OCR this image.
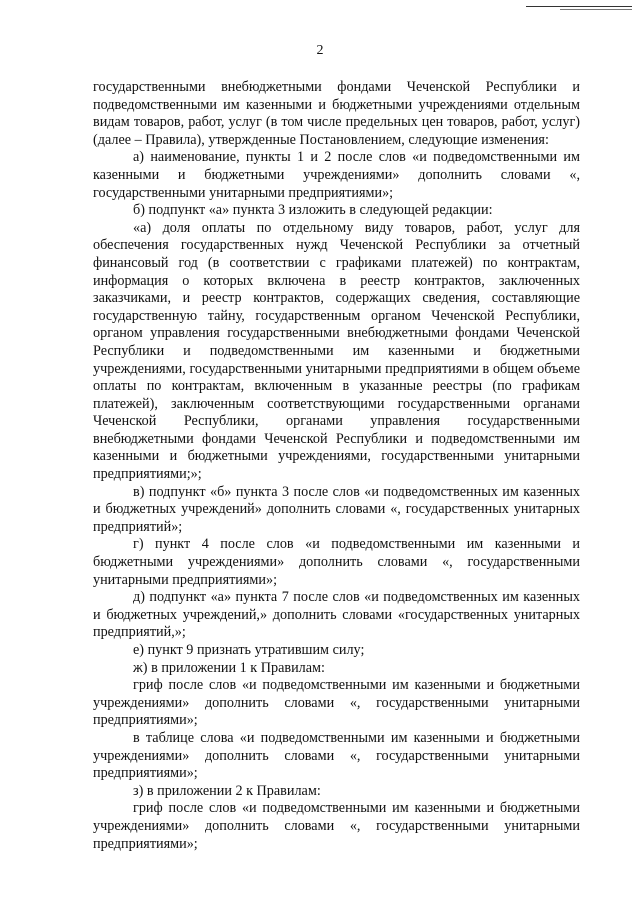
2

государственными внебюджетными фондами Чеченской Республики и подведомственными им казенными и бюджетными учреждениями отдельным видам товаров, работ, услуг (в том числе предельных цен товаров, работ, услуг) (далее – Правила), утвержденные Постановлением, следующие изменения:

а) наименование, пункты 1 и 2 после слов «и подведомственными им казенными и бюджетными учреждениями» дополнить словами «, государственными унитарными предприятиями»;

б) подпункт «а» пункта 3 изложить в следующей редакции:

«а) доля оплаты по отдельному виду товаров, работ, услуг для обеспечения государственных нужд Чеченской Республики за отчетный финансовый год (в соответствии с графиками платежей) по контрактам, информация о которых включена в реестр контрактов, заключенных заказчиками, и реестр контрактов, содержащих сведения, составляющие государственную тайну, государственным органом Чеченской Республики, органом управления государственными внебюджетными фондами Чеченской Республики и подведомственными им казенными и бюджетными учреждениями, государственными унитарными предприятиями в общем объеме оплаты по контрактам, включенным в указанные реестры (по графикам платежей), заключенным соответствующими государственными органами Чеченской Республики, органами управления государственными внебюджетными фондами Чеченской Республики и подведомственными им казенными и бюджетными учреждениями, государственными унитарными предприятиями;»;

в) подпункт «б» пункта 3 после слов «и подведомственных им казенных и бюджетных учреждений» дополнить словами «, государственных унитарных предприятий»;

г) пункт 4 после слов «и подведомственными им казенными и бюджетными учреждениями» дополнить словами «, государственными унитарными предприятиями»;

д) подпункт «а» пункта 7 после слов «и подведомственных им казенных и бюджетных учреждений,» дополнить словами «государственных унитарных предприятий,»;

е) пункт 9 признать утратившим силу;

ж) в приложении 1 к Правилам:

гриф после слов «и подведомственными им казенными и бюджетными учреждениями» дополнить словами «, государственными унитарными предприятиями»;

в таблице слова «и подведомственными им казенными и бюджетными учреждениями» дополнить словами «, государственными унитарными предприятиями»;

з) в приложении 2 к Правилам:

гриф после слов «и подведомственными им казенными и бюджетными учреждениями» дополнить словами «, государственными унитарными предприятиями»;
